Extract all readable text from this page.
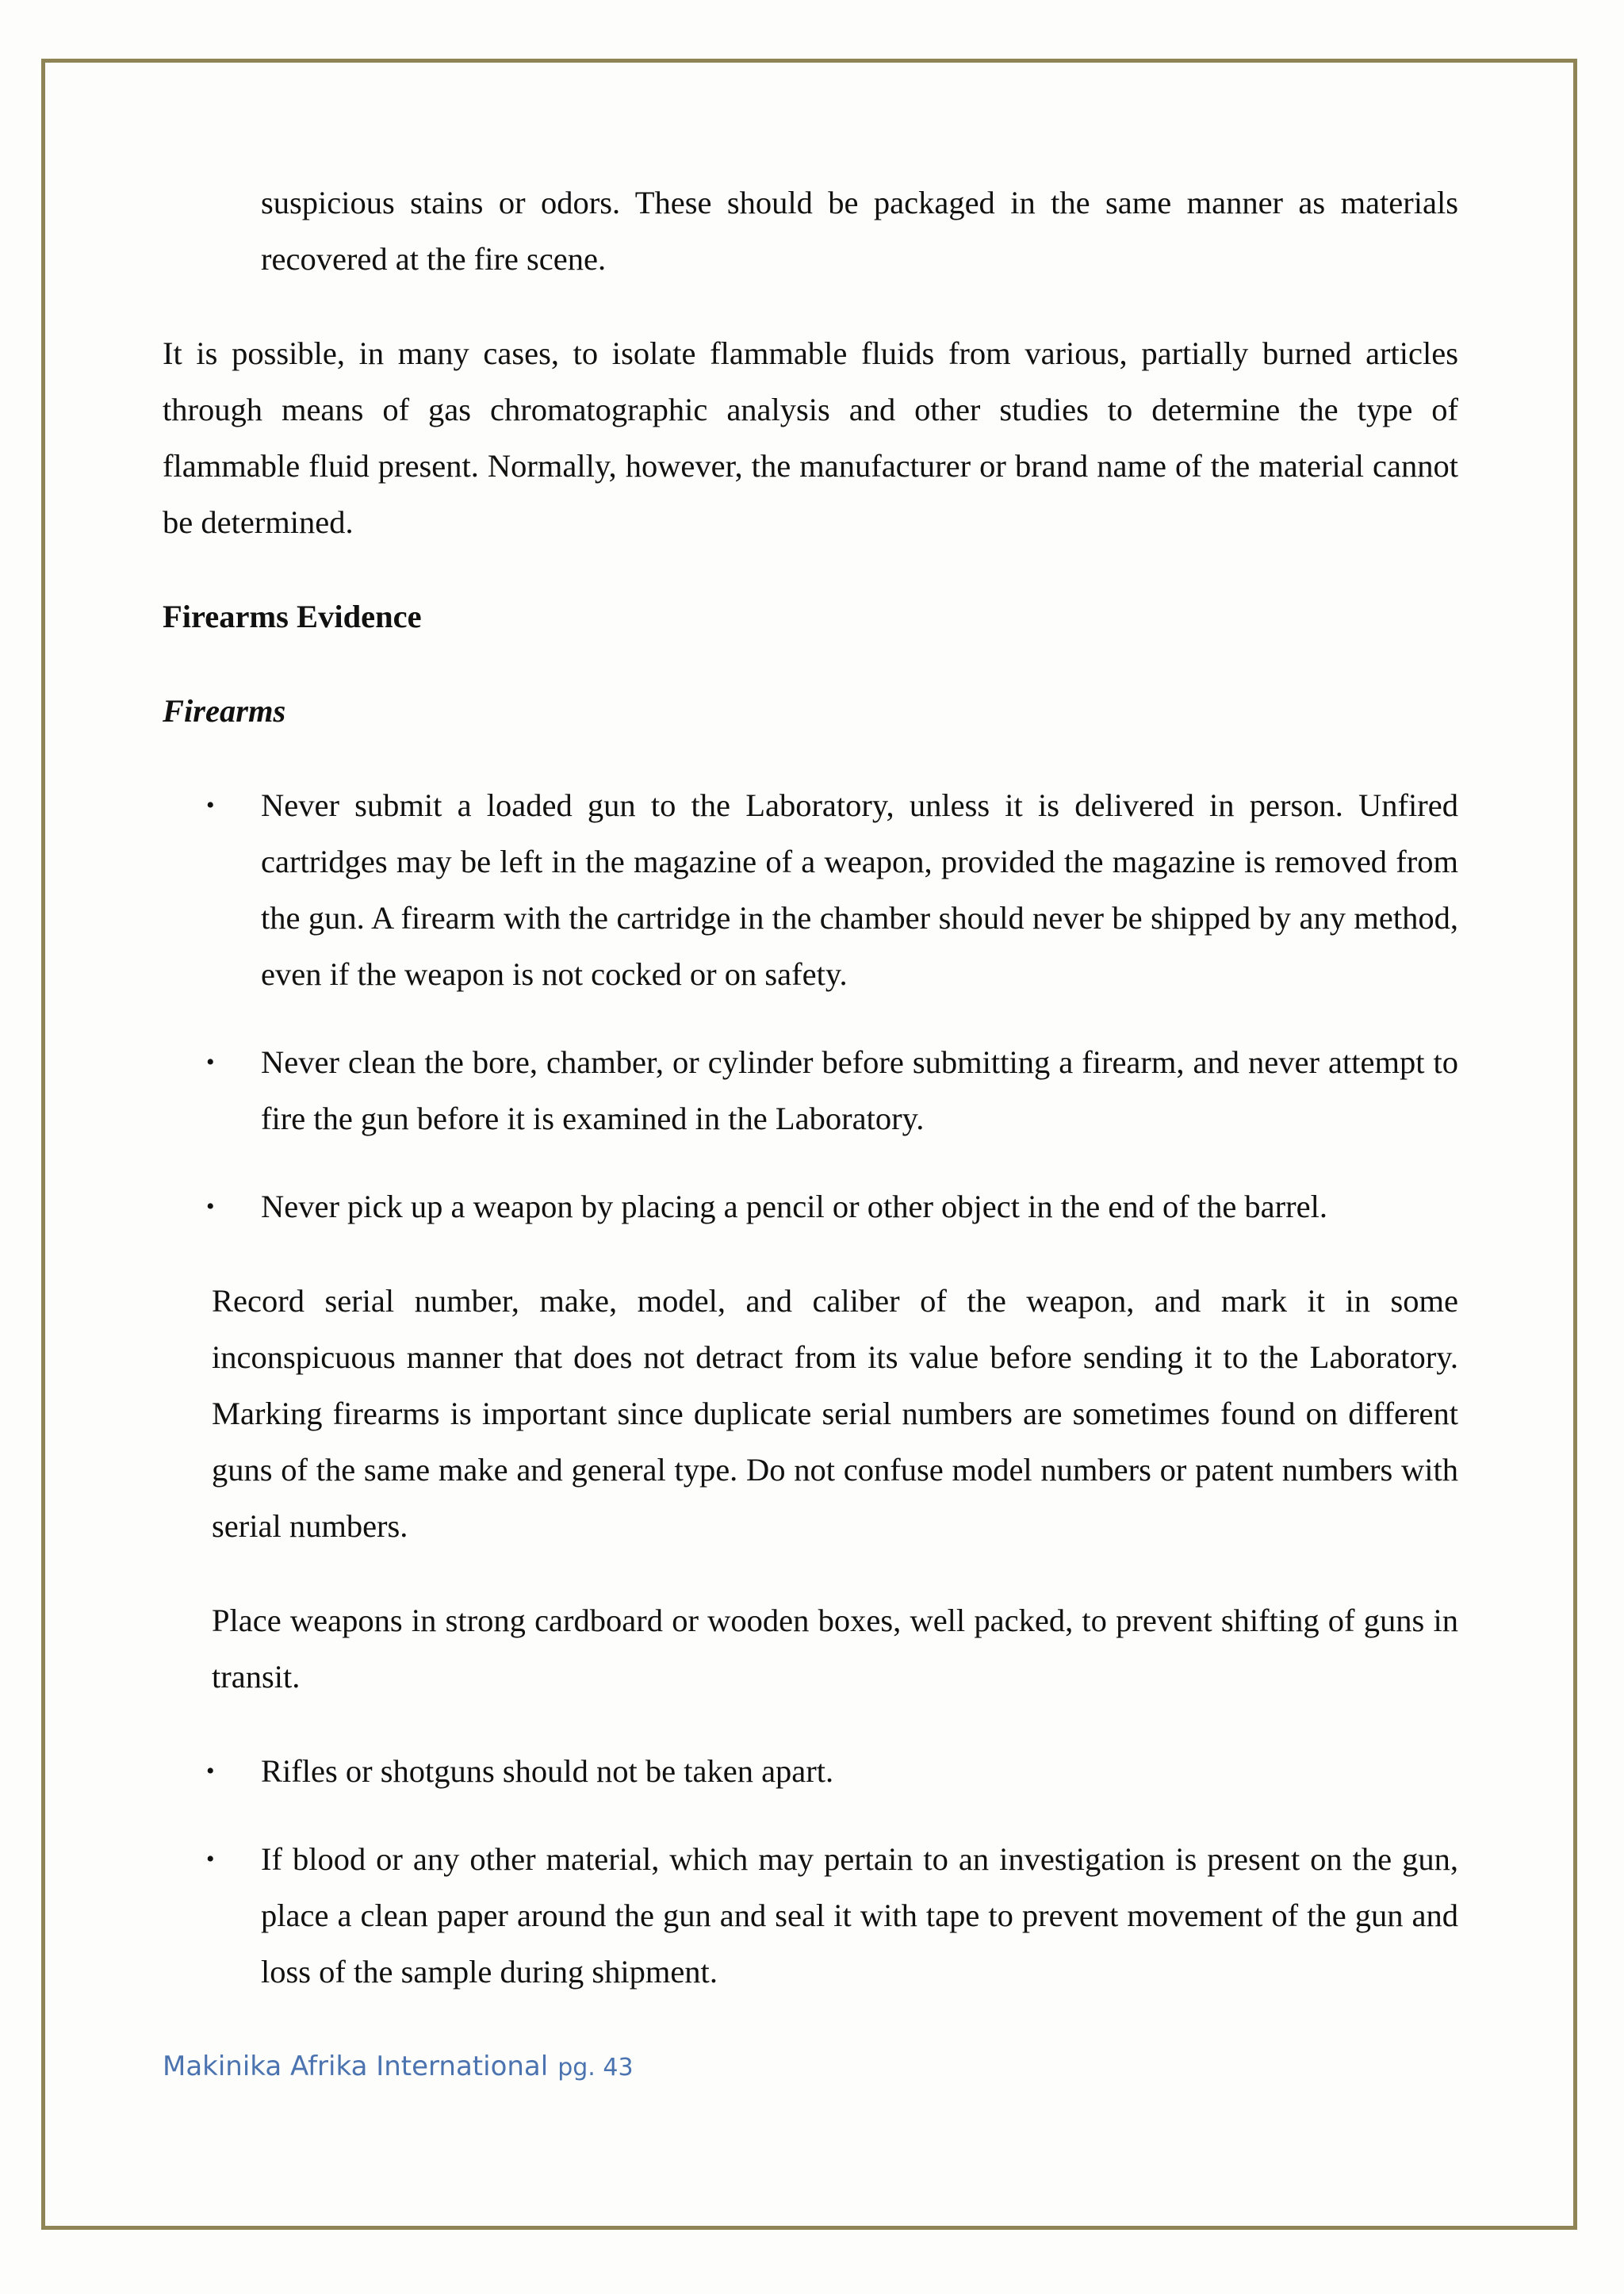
suspicious stains or odors. These should be packaged in the same manner as materials recovered at the fire scene.

It is possible, in many cases, to isolate flammable fluids from various, partially burned articles through means of gas chromatographic analysis and other studies to determine the type of flammable fluid present. Normally, however, the manufacturer or brand name of the material cannot be determined.

Firearms Evidence
Firearms
• Never submit a loaded gun to the Laboratory, unless it is delivered in person. Unfired cartridges may be left in the magazine of a weapon, provided the magazine is removed from the gun. A firearm with the cartridge in the chamber should never be shipped by any method, even if the weapon is not cocked or on safety.

• Never clean the bore, chamber, or cylinder before submitting a firearm, and never attempt to fire the gun before it is examined in the Laboratory.

• Never pick up a weapon by placing a pencil or other object in the end of the barrel.

Record serial number, make, model, and caliber of the weapon, and mark it in some inconspicuous manner that does not detract from its value before sending it to the Laboratory. Marking firearms is important since duplicate serial numbers are sometimes found on different guns of the same make and general type. Do not confuse model numbers or patent numbers with serial numbers.

Place weapons in strong cardboard or wooden boxes, well packed, to prevent shifting of guns in transit.

• Rifles or shotguns should not be taken apart.

• If blood or any other material, which may pertain to an investigation is present on the gun, place a clean paper around the gun and seal it with tape to prevent movement of the gun and loss of the sample during shipment.

Makinika Afrika International pg. 43
